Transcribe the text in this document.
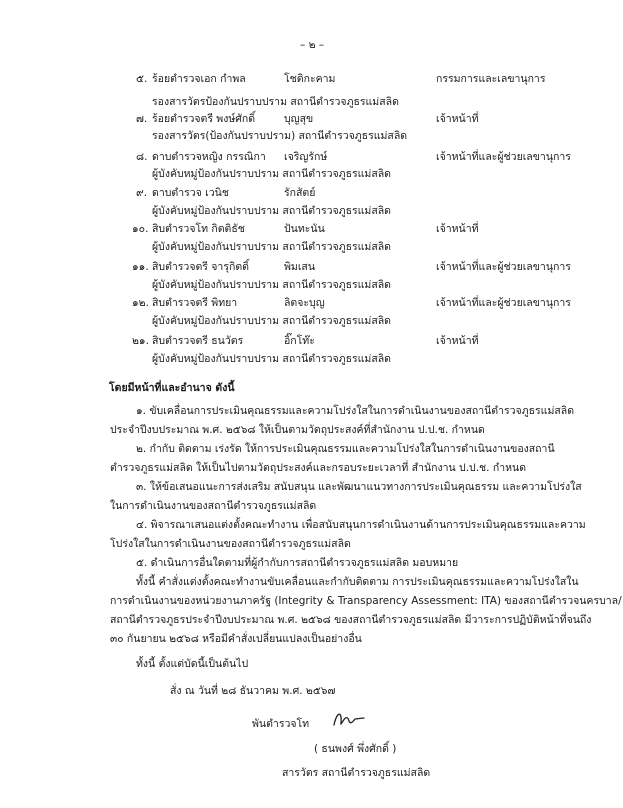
– ๒ –
๕. ร้อยตำรวจเอก กำพล	โชติกะคาม	กรรมการและเลขานุการ
รองสารวัตรป้องกันปราบปราม สถานีตำรวจภูธรแม่สลิด
๗. ร้อยตำรวจตรี พงษ์ศักดิ์	บุญสุข	เจ้าหน้าที่
รองสารวัตร(ป้องกันปราบปราม) สถานีตำรวจภูธรแม่สลิด
๘. ดาบตำรวจหญิง กรรณิกา เจริญรักษ์	เจ้าหน้าที่และผู้ช่วยเลขานุการ
ผู้บังคับหมู่ป้องกันปราบปราม สถานีตำรวจภูธรแม่สลิด
๙. ดาบตำรวจ เวนิช	รักสัตย์
ผู้บังคับหมู่ป้องกันปราบปราม สถานีตำรวจภูธรแม่สลิด
๑๐. สิบตำรวจโท กิตติธัช	ปันทะนัน	เจ้าหน้าที่
ผู้บังคับหมู่ป้องกันปราบปราม สถานีตำรวจภูธรแม่สลิด
๑๑. สิบตำรวจตรี จารุกิตติ์	พิมเสน	เจ้าหน้าที่และผู้ช่วยเลขานุการ
ผู้บังคับหมู่ป้องกันปราบปราม สถานีตำรวจภูธรแม่สลิด
๑๒. สิบตำรวจตรี พิทยา	ลิตจะบุญ	เจ้าหน้าที่และผู้ช่วยเลขานุการ
ผู้บังคับหมู่ป้องกันปราบปราม สถานีตำรวจภูธรแม่สลิด
๒๑. สิบตำรวจตรี ธนวัตร	อิ๊กโท๊ะ	เจ้าหน้าที่
ผู้บังคับหมู่ป้องกันปราบปราม สถานีตำรวจภูธรแม่สลิด
โดยมีหน้าที่และอำนาจ ดังนี้
๑. ขับเคลื่อนการประเมินคุณธรรมและความโปร่งใสในการดำเนินงานของสถานีตำรวจภูธรแม่สลิด
ประจำปีงบประมาณ พ.ศ. ๒๕๖๘ ให้เป็นตามวัตถุประสงค์ที่สำนักงาน ป.ป.ช. กำหนด
๒. กำกับ ติดตาม เร่งรัด ให้การประเมินคุณธรรมและความโปร่งใสในการดำเนินงานของสถานี
ตำรวจภูธรแม่สลิด ให้เป็นไปตามวัตถุประสงค์และกรอบระยะเวลาที่ สำนักงาน ป.ป.ช. กำหนด
๓. ให้ข้อเสนอแนะการส่งเสริม สนับสนุน และพัฒนาแนวทางการประเมินคุณธรรม และความโปร่งใส
ในการดำเนินงานของสถานีตำรวจภูธรแม่สลิด
๔. พิจารณาเสนอแต่งตั้งคณะทำงาน เพื่อสนับสนุนการดำเนินงานด้านการประเมินคุณธรรมและความ
โปร่งใสในการดำเนินงานของสถานีตำรวจภูธรแม่สลิด
๕. ดำเนินการอื่นใดตามที่ผู้กำกับการสถานีตำรวจภูธรแม่สลิด มอบหมาย
ทั้งนี้ คำสั่งแต่งตั้งคณะทำงานขับเคลื่อนและกำกับติดตาม การประเมินคุณธรรมและความโปร่งใสใน
การดำเนินงานของหน่วยงานภาครัฐ (Integrity & Transparency Assessment: ITA) ของสถานีตำรวจนครบาล/
สถานีตำรวจภูธรประจำปีงบประมาณ พ.ศ. ๒๕๖๘ ของสถานีตำรวจภูธรแม่สลิด มีวาระการปฏิบัติหน้าที่จนถึง
๓๐ กันยายน ๒๕๖๘ หรือมีคำสั่งเปลี่ยนแปลงเป็นอย่างอื่น
ทั้งนี้ ตั้งแต่บัดนี้เป็นต้นไป
สั่ง ณ วันที่ ๒๘ ธันวาคม พ.ศ. ๒๕๖๗
พันตำรวจโท
( ธนพงศ์ พึ่งศักดิ์ )
สารวัตร สถานีตำรวจภูธรแม่สลิด
